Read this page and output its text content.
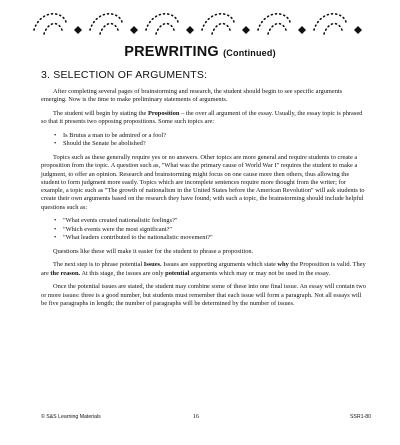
PREWRITING (Continued)
3. SELECTION OF ARGUMENTS:

After completing several pages of brainstorming and research, the student should begin to see specific arguments emerging. Now is the time to make preliminary statements of arguments.

The student will begin by stating the Proposition – the over all argument of the essay. Usually, the essay topic is phrased so that it presents two opposing propositions. Some such topics are:

• Is Brutus a man to be admired or a fool?
• Should the Senate be abolished?

Topics such as these generally require yes or no answers. Other topics are more general and require students to create a proposition from the topic. A question such as, "What was the primary cause of World War I" requires the student to make a judgment, to offer an opinion. Research and brainstorming might focus on one cause more then others, thus allowing the student to form judgment more easily. Topics which are incomplete sentences require more thought from the writer; for example, a topic such as "The growth of nationalism in the United States before the American Revolution" will ask students to create their own arguments based on the research they have found; with such a topic, the brainstorming should include helpful questions such as:

• "What events created nationalistic feelings?"
• "Which events were the most significant?"
• "What leaders contributed to the nationalistic movement?"

Questions like these will make it easier for the student to phrase a proposition.

The next step is to phrase potential Issues. Issues are supporting arguments which state why the Proposition is valid. They are the reason. At this stage, the issues are only potential arguments which may or may not be used in the essay.

Once the potential issues are stated, the student may combine some of these into one final issue. An essay will contain two or more issues: three is a good number, but students must remember that each issue will form a paragraph. Not all essays will be five paragraphs in length; the number of paragraphs will be determined by the number of issues.

© S&S Learning Materials	16	SSR1-80
